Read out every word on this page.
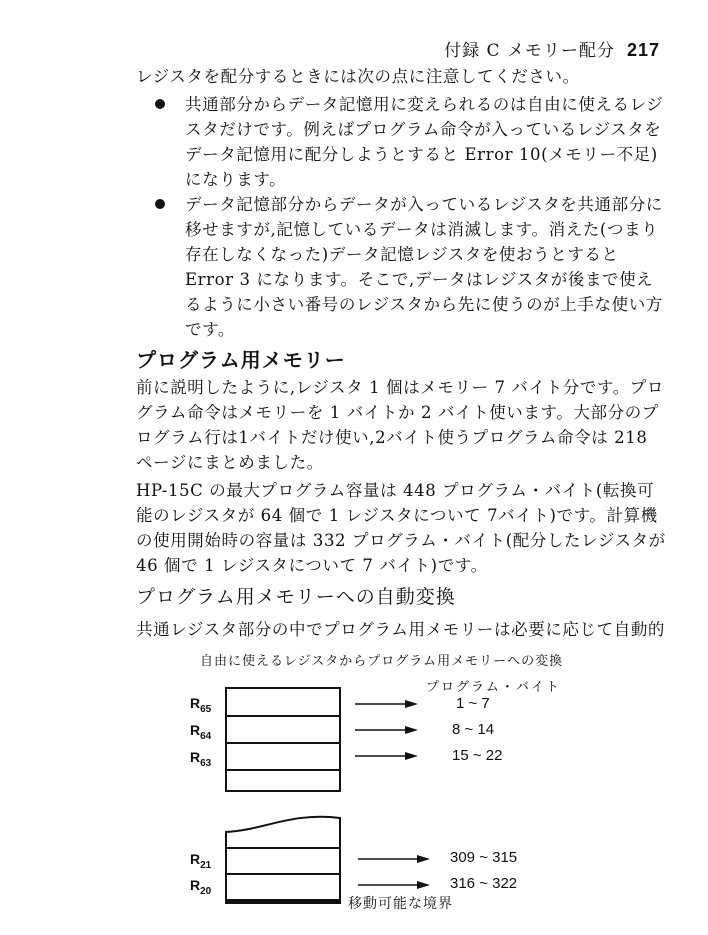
付録 C メモリー配分 217

レジスタを配分するときには次の点に注意してください。

共通部分からデータ記憶用に変えられるのは自由に使えるレジスタだけです。例えばプログラム命令が入っているレジスタをデータ記憶用に配分しようとすると Error 10(メモリー不足)になります。

データ記憶部分からデータが入っているレジスタを共通部分に移せますが,記憶しているデータは消滅します。消えた(つまり存在しなくなった)データ記憶レジスタを使おうとすると Error 3 になります。そこで,データはレジスタが後まで使えるように小さい番号のレジスタから先に使うのが上手な使い方です。

プログラム用メモリー

前に説明したように,レジスタ 1 個はメモリー 7 バイト分です。プログラム命令はメモリーを 1 バイトか 2 バイト使います。大部分のプログラム行は1バイトだけ使い,2バイト使うプログラム命令は 218 ページにまとめました。

HP-15C の最大プログラム容量は 448 プログラム・バイト(転換可能のレジスタが 64 個で 1 レジスタについて 7バイト)です。計算機の使用開始時の容量は 332 プログラム・バイト(配分したレジスタが 46 個で 1 レジスタについて 7 バイト)です。

プログラム用メモリーへの自動変換

共通レジスタ部分の中でプログラム用メモリーは必要に応じて自動的

自由に使えるレジスタからプログラム用メモリーへの変換
プログラム・バイト
$R_{65}$
$R_{64}$
$R_{63}$
$R_{21}$
$R_{20}$
1 ~ 7
8 ~ 14
15 ~ 22
309 ~ 315
316 ~ 322
移動可能な境界
